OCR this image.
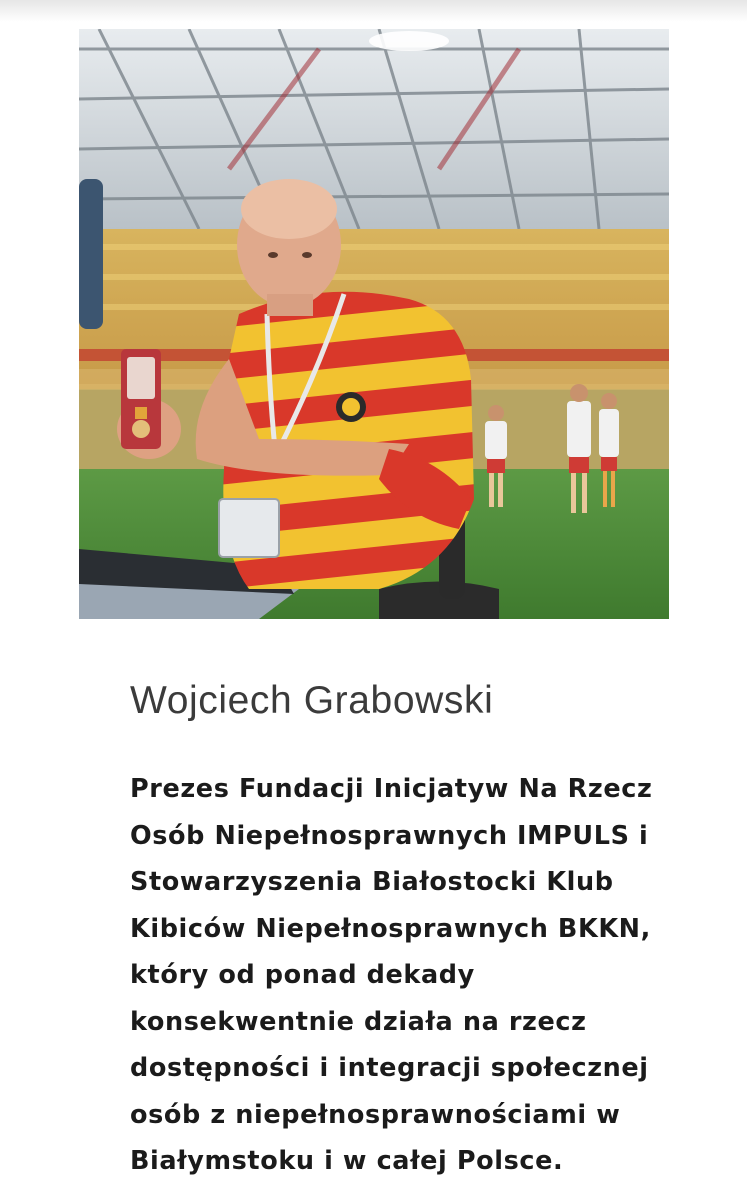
Wojciech Grabowski
Prezes Fundacji Inicjatyw Na Rzecz
Osób Niepełnosprawnych IMPULS i
Stowarzyszenia Białostocki Klub
Kibiców Niepełnosprawnych BKKN,
który od ponad dekady
konsekwentnie działa na rzecz
dostępności i integracji społecznej
osób z niepełnosprawnościami w
Białymstoku i w całej Polsce.
